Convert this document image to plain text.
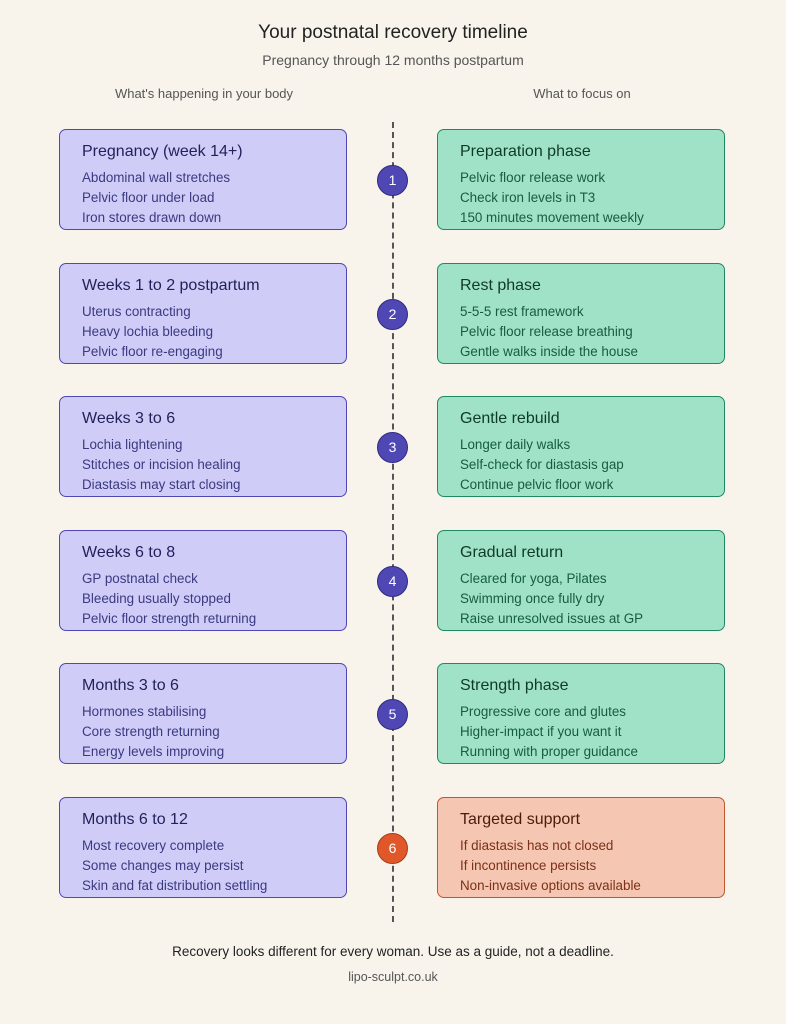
Your postnatal recovery timeline
Pregnancy through 12 months postpartum
What's happening in your body	What to focus on
Pregnancy (week 14+)
Abdominal wall stretches
Pelvic floor under load
Iron stores drawn down
1
Preparation phase
Pelvic floor release work
Check iron levels in T3
150 minutes movement weekly
Weeks 1 to 2 postpartum
Uterus contracting
Heavy lochia bleeding
Pelvic floor re-engaging
2
Rest phase
5-5-5 rest framework
Pelvic floor release breathing
Gentle walks inside the house
Weeks 3 to 6
Lochia lightening
Stitches or incision healing
Diastasis may start closing
3
Gentle rebuild
Longer daily walks
Self-check for diastasis gap
Continue pelvic floor work
Weeks 6 to 8
GP postnatal check
Bleeding usually stopped
Pelvic floor strength returning
4
Gradual return
Cleared for yoga, Pilates
Swimming once fully dry
Raise unresolved issues at GP
Months 3 to 6
Hormones stabilising
Core strength returning
Energy levels improving
5
Strength phase
Progressive core and glutes
Higher-impact if you want it
Running with proper guidance
Months 6 to 12
Most recovery complete
Some changes may persist
Skin and fat distribution settling
6
Targeted support
If diastasis has not closed
If incontinence persists
Non-invasive options available
Recovery looks different for every woman. Use as a guide, not a deadline.
lipo-sculpt.co.uk
